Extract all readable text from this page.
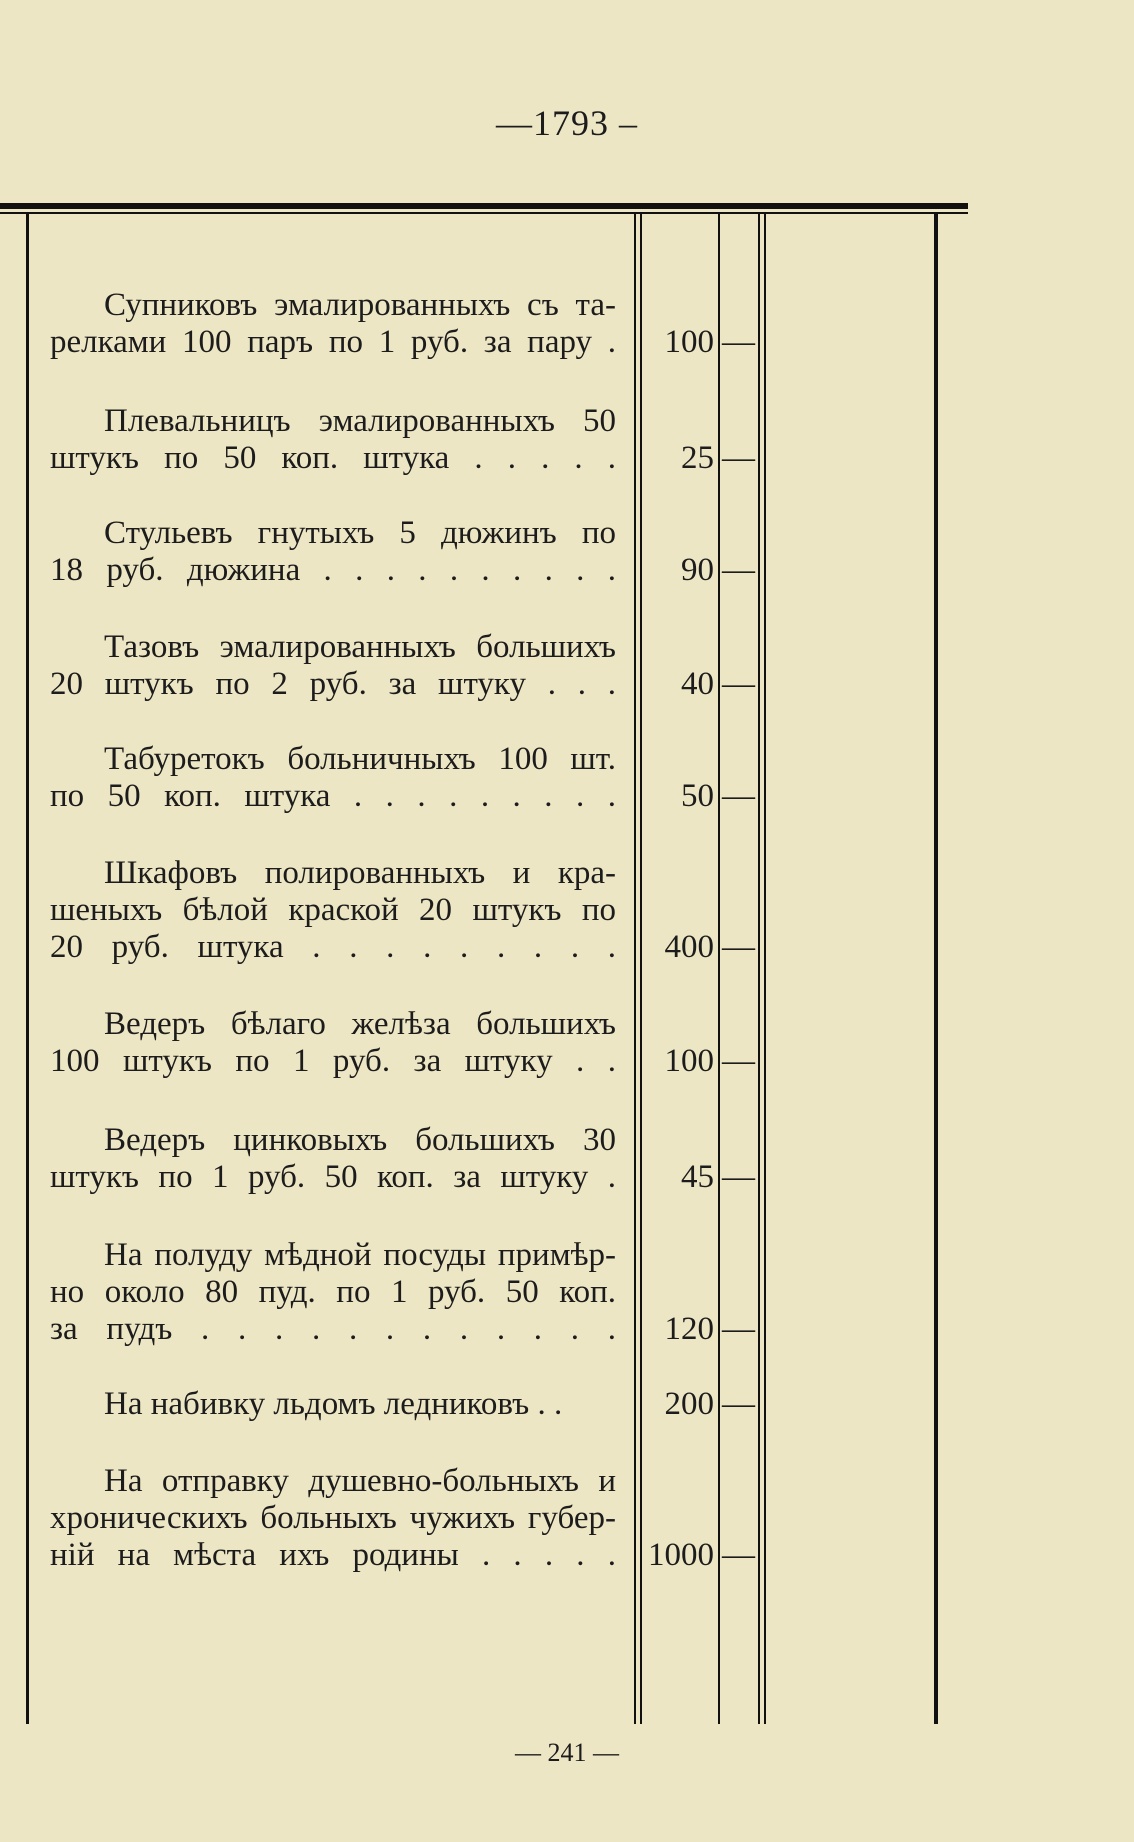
—1793 –
Супниковъ эмалированныхъ съ та-
релками 100 паръ по 1 руб. за пару .	100 —
Плевальницъ эмалированныхъ 50
штукъ по 50 коп. штука . . . . .	25 —
Стульевъ гнутыхъ 5 дюжинъ по
18 руб. дюжина . . . . . . . . . .	90 —
Тазовъ эмалированныхъ большихъ
20 штукъ по 2 руб. за штуку . . .	40 —
Табуретокъ больничныхъ 100 шт.
по 50 коп. штука . . . . . . . . .	50 —
Шкафовъ полированныхъ и кра-
шеныхъ бѣлой краской 20 штукъ по
20 руб. штука . . . . . . . . .	400 —
Ведеръ бѣлаго желѣза большихъ
100 штукъ по 1 руб. за штуку . .	100 —
Ведеръ цинковыхъ большихъ 30
штукъ по 1 руб. 50 коп. за штуку .	45 —
На полуду мѣдной посуды примѣр-
но около 80 пуд. по 1 руб. 50 коп.
за пудъ . . . . . . . . . . . .	120 —
На набивку льдомъ ледниковъ . .	200 —
На отправку душевно-больныхъ и
хроническихъ больныхъ чужихъ губер-
ній на мѣста ихъ родины . . . . . 1000 —
— 241 —
